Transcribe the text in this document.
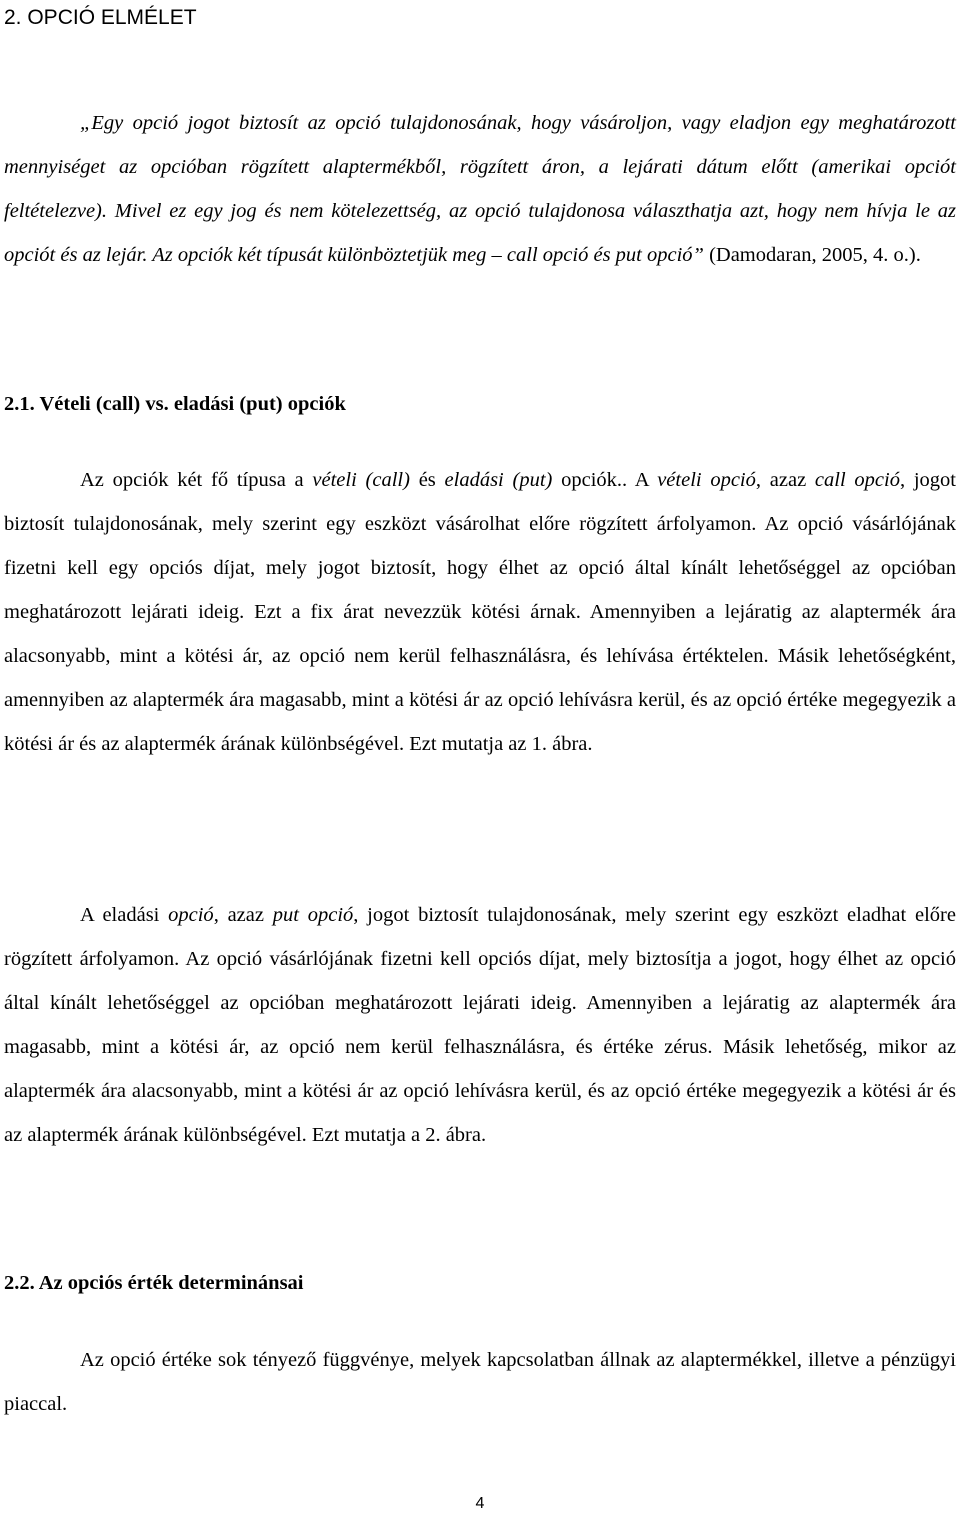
2. OPCIÓ ELMÉLET

„Egy opció jogot biztosít az opció tulajdonosának, hogy vásároljon, vagy eladjon egy meghatározott mennyiséget az opcióban rögzített alaptermékből, rögzített áron, a lejárati dátum előtt (amerikai opciót feltételezve). Mivel ez egy jog és nem kötelezettség, az opció tulajdonosa választhatja azt, hogy nem hívja le az opciót és az lejár. Az opciók két típusát különböztetjük meg – call opció és put opció” (Damodaran, 2005, 4. o.).

2.1. Vételi (call) vs. eladási (put) opciók

Az opciók két fő típusa a vételi (call) és eladási (put) opciók.. A vételi opció, azaz call opció, jogot biztosít tulajdonosának, mely szerint egy eszközt vásárolhat előre rögzített árfolyamon. Az opció vásárlójának fizetni kell egy opciós díjat, mely jogot biztosít, hogy élhet az opció által kínált lehetőséggel az opcióban meghatározott lejárati ideig. Ezt a fix árat nevezzük kötési árnak. Amennyiben a lejáratig az alaptermék ára alacsonyabb, mint a kötési ár, az opció nem kerül felhasználásra, és lehívása értéktelen. Másik lehetőségként, amennyiben az alaptermék ára magasabb, mint a kötési ár az opció lehívásra kerül, és az opció értéke megegyezik a kötési ár és az alaptermék árának különbségével. Ezt mutatja az 1. ábra.

A eladási opció, azaz put opció, jogot biztosít tulajdonosának, mely szerint egy eszközt eladhat előre rögzített árfolyamon. Az opció vásárlójának fizetni kell opciós díjat, mely biztosítja a jogot, hogy élhet az opció által kínált lehetőséggel az opcióban meghatározott lejárati ideig. Amennyiben a lejáratig az alaptermék ára magasabb, mint a kötési ár, az opció nem kerül felhasználásra, és értéke zérus. Másik lehetőség, mikor az alaptermék ára alacsonyabb, mint a kötési ár az opció lehívásra kerül, és az opció értéke megegyezik a kötési ár és az alaptermék árának különbségével. Ezt mutatja a 2. ábra.

2.2. Az opciós érték determinánsai

Az opció értéke sok tényező függvénye, melyek kapcsolatban állnak az alaptermékkel, illetve a pénzügyi piaccal.

4
